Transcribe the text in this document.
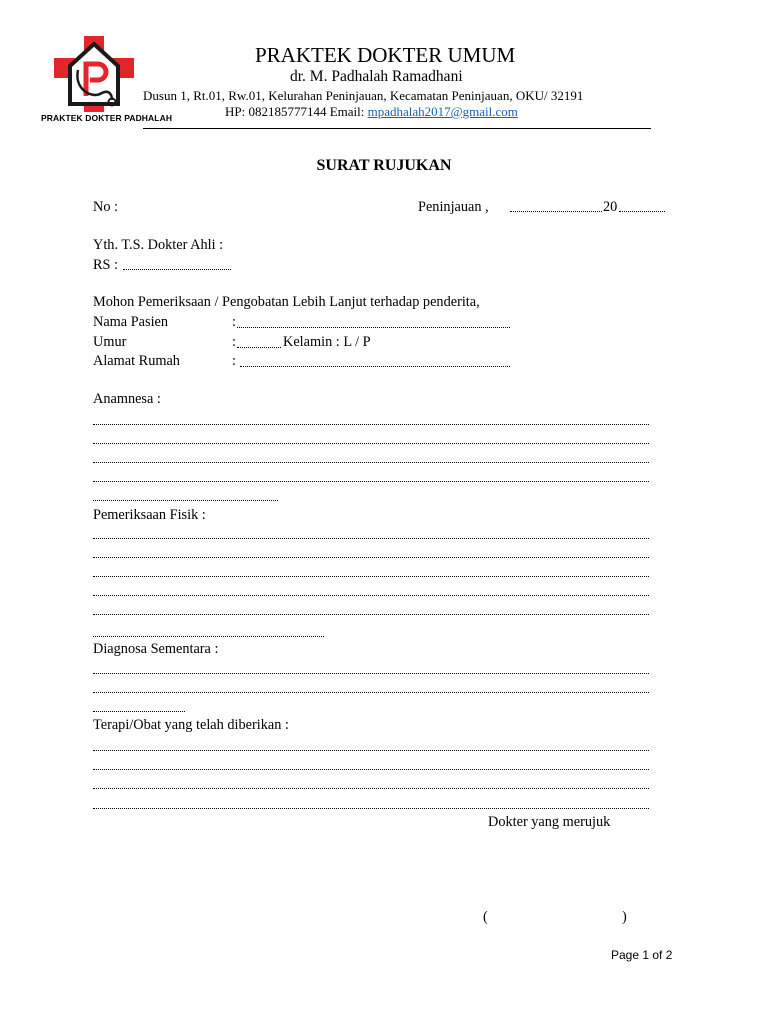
PRAKTEK DOKTER PADHALAH
PRAKTEK DOKTER UMUM
dr. M. Padhalah Ramadhani
Dusun 1, Rt.01, Rw.01, Kelurahan Peninjauan, Kecamatan Peninjauan, OKU/ 32191
HP: 082185777144 Email: mpadhalah2017@gmail.com
SURAT RUJUKAN
No :	Peninjauan ,	20
Yth. T.S. Dokter Ahli :
RS :
Mohon Pemeriksaan / Pengobatan Lebih Lanjut terhadap penderita,
Nama Pasien	:
Umur	:	Kelamin : L / P
Alamat Rumah	:
Anamnesa :
Pemeriksaan Fisik :
Diagnosa Sementara :
Terapi/Obat yang telah diberikan :
Dokter yang merujuk
(	)
Page 1 of 2
